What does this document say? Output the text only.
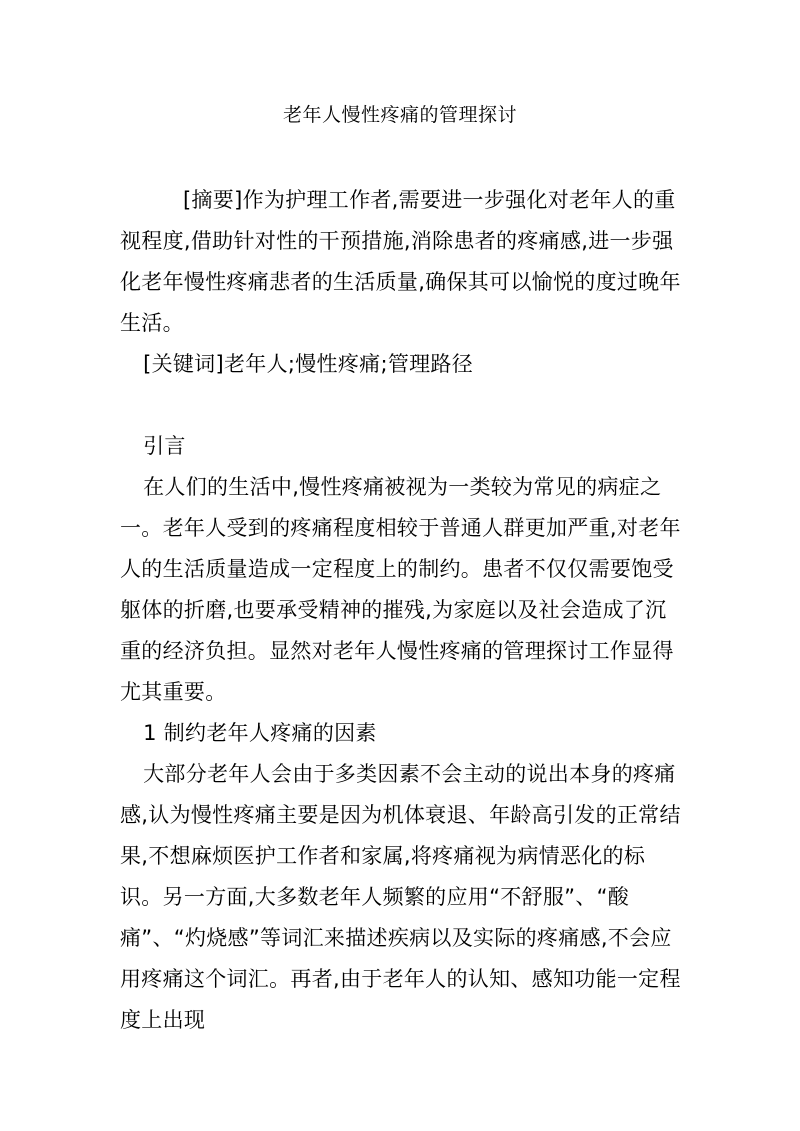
老年人慢性疼痛的管理探讨

[摘要]作为护理工作者,需要进一步强化对老年人的重视程度,借助针对性的干预措施,消除患者的疼痛感,进一步强化老年慢性疼痛悲者的生活质量,确保其可以愉悦的度过晚年生活。

[关键词]老年人;慢性疼痛;管理路径

引言

在人们的生活中,慢性疼痛被视为一类较为常见的病症之一。老年人受到的疼痛程度相较于普通人群更加严重,对老年人的生活质量造成一定程度上的制约。患者不仅仅需要饱受躯体的折磨,也要承受精神的摧残,为家庭以及社会造成了沉重的经济负担。显然对老年人慢性疼痛的管理探讨工作显得尤其重要。

1 制约老年人疼痛的因素

大部分老年人会由于多类因素不会主动的说出本身的疼痛感,认为慢性疼痛主要是因为机体衰退、年龄高引发的正常结果,不想麻烦医护工作者和家属,将疼痛视为病情恶化的标识。另一方面,大多数老年人频繁的应用“不舒服”、“酸痛”、“灼烧感”等词汇来描述疾病以及实际的疼痛感,不会应用疼痛这个词汇。再者,由于老年人的认知、感知功能一定程度上出现
